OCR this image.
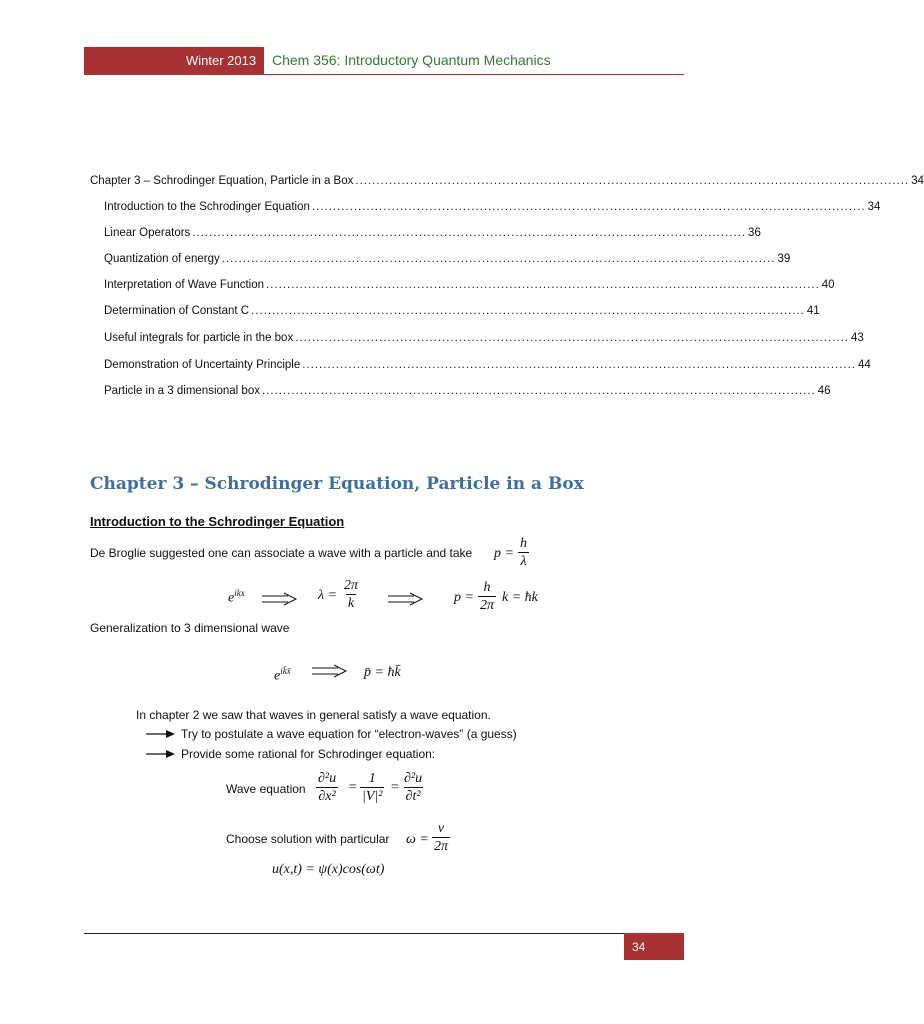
Winter 2013 Chem 356: Introductory Quantum Mechanics
Chapter 3 – Schrodinger Equation, Particle in a Box .................................................................................................................................... 34
Introduction to the Schrodinger Equation .................................................................................................................................... 34
Linear Operators .................................................................................................................................... 36
Quantization of energy .................................................................................................................................... 39
Interpretation of Wave Function .................................................................................................................................... 40
Determination of Constant C .................................................................................................................................... 41
Useful integrals for particle in the box .................................................................................................................................... 43
Demonstration of Uncertainty Principle .................................................................................................................................... 44
Particle in a 3 dimensional box .................................................................................................................................... 46
Chapter 3 – Schrodinger Equation, Particle in a Box
Introduction to the Schrodinger Equation
De Broglie suggested one can associate a wave with a particle and take $p = \frac{h}{\lambda}$
$e^{ikx}$	$\lambda = \frac{2\pi}{k}$	$p = \frac{h}{2\pi}$ k = ħk
Generalization to 3 dimensional wave
$e^{ik̄x̄}$	p̄ = ħk̄
In chapter 2 we saw that waves in general satisfy a wave equation.
Try to postulate a wave equation for “electron-waves” (a guess)
Provide some rational for Schrodinger equation:
Wave equation $\frac{\text{∂²u}}{\text{∂x²}} = \frac{1}{\text{|V|²}} = \frac{\text{∂²u}}{\text{∂t²}}$
Choose solution with particular $\omega = \frac{\nu}{2\pi}$
u(x,t) = ψ(x)cos(ωt)
34
